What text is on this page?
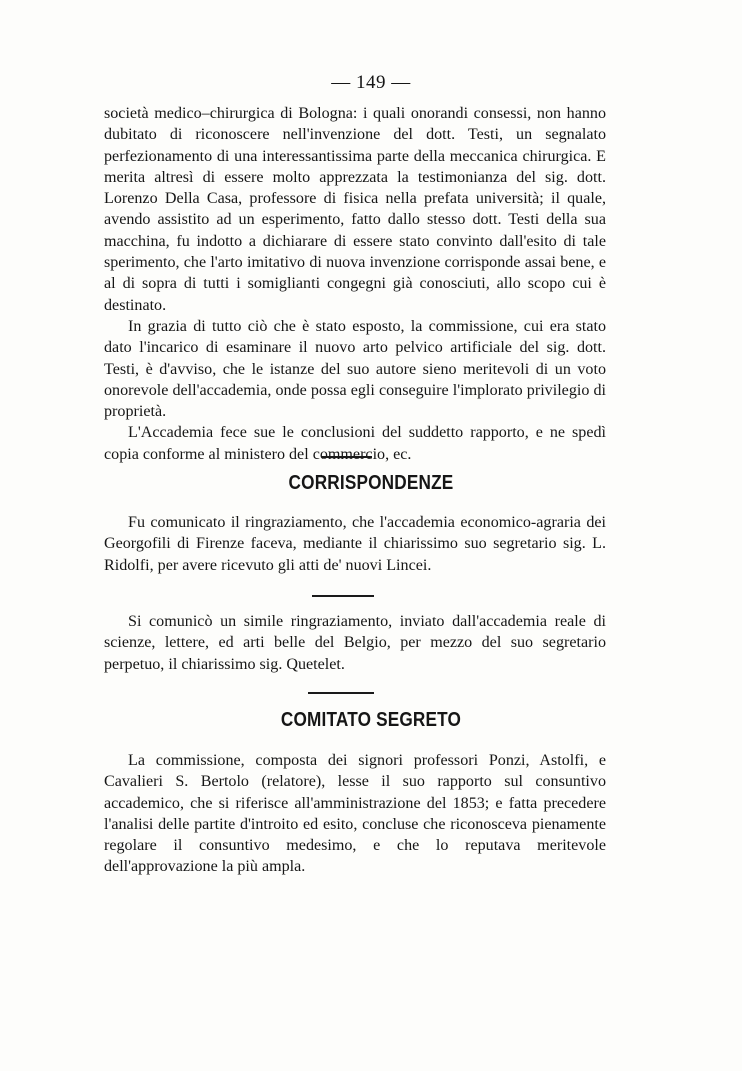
— 149 —

società medico–chirurgica di Bologna: i quali onorandi consessi, non hanno dubitato di riconoscere nell'invenzione del dott. Testi, un segnalato perfezionamento di una interessantissima parte della meccanica chirurgica. E merita altresì di essere molto apprezzata la testimonianza del sig. dott. Lorenzo Della Casa, professore di fisica nella prefata università; il quale, avendo assistito ad un esperimento, fatto dallo stesso dott. Testi della sua macchina, fu indotto a dichiarare di essere stato convinto dall'esito di tale sperimento, che l'arto imitativo di nuova invenzione corrisponde assai bene, e al di sopra di tutti i somiglianti congegni già conosciuti, allo scopo cui è destinato.

In grazia di tutto ciò che è stato esposto, la commissione, cui era stato dato l'incarico di esaminare il nuovo arto pelvico artificiale del sig. dott. Testi, è d'avviso, che le istanze del suo autore sieno meritevoli di un voto onorevole dell'accademia, onde possa egli conseguire l'implorato privilegio di proprietà.

L'Accademia fece sue le conclusioni del suddetto rapporto, e ne spedì copia conforme al ministero del commercio, ec.

CORRISPONDENZE

Fu comunicato il ringraziamento, che l'accademia economico-agraria dei Georgofili di Firenze faceva, mediante il chiarissimo suo segretario sig. L. Ridolfi, per avere ricevuto gli atti de' nuovi Lincei.

Si comunicò un simile ringraziamento, inviato dall'accademia reale di scienze, lettere, ed arti belle del Belgio, per mezzo del suo segretario perpetuo, il chiarissimo sig. Quetelet.

COMITATO SEGRETO

La commissione, composta dei signori professori Ponzi, Astolfi, e Cavalieri S. Bertolo (relatore), lesse il suo rapporto sul consuntivo accademico, che si riferisce all'amministrazione del 1853; e fatta precedere l'analisi delle partite d'introito ed esito, concluse che riconosceva pienamente regolare il consuntivo medesimo, e che lo reputava meritevole dell'approvazione la più ampla.
